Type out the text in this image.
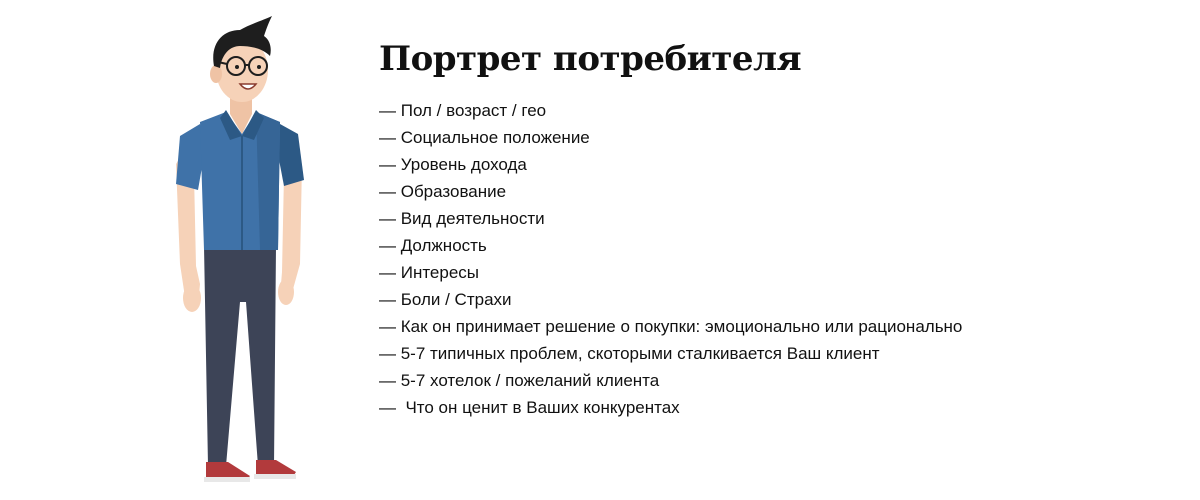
Портрет потребителя
— Пол / возраст / гео
— Социальное положение
— Уровень дохода
— Образование
— Вид деятельности
— Должность
— Интересы
— Боли / Страхи
— Как он принимает решение о покупки: эмоционально или рационально
— 5-7 типичных проблем, скоторыми сталкивается Ваш клиент
— 5-7 хотелок / пожеланий клиента
—  Что он ценит в Ваших конкурентах
